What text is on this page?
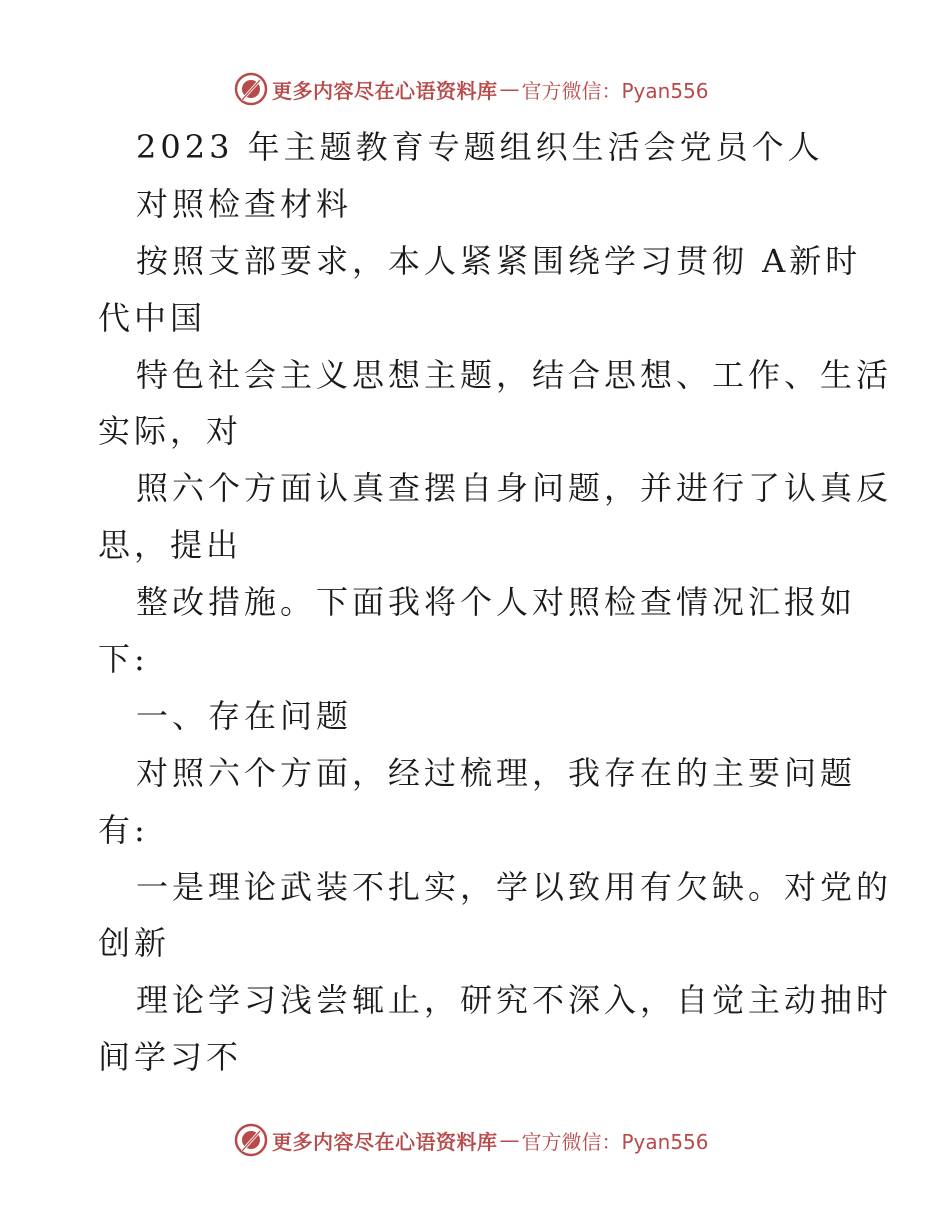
更多内容尽在心语资料库 — 官方微信：Pyan556
2023 年主题教育专题组织生活会党员个人
对照检查材料
按照支部要求，本人紧紧围绕学习贯彻 A新时
代中国
特色社会主义思想主题，结合思想、工作、生活
实际，对
照六个方面认真查摆自身问题，并进行了认真反
思，提出
整改措施。下面我将个人对照检查情况汇报如
下:
一、存在问题
对照六个方面，经过梳理，我存在的主要问题
有:
一是理论武装不扎实，学以致用有欠缺。对党的
创新
理论学习浅尝辄止，研究不深入，自觉主动抽时
间学习不
更多内容尽在心语资料库 — 官方微信：Pyan556
